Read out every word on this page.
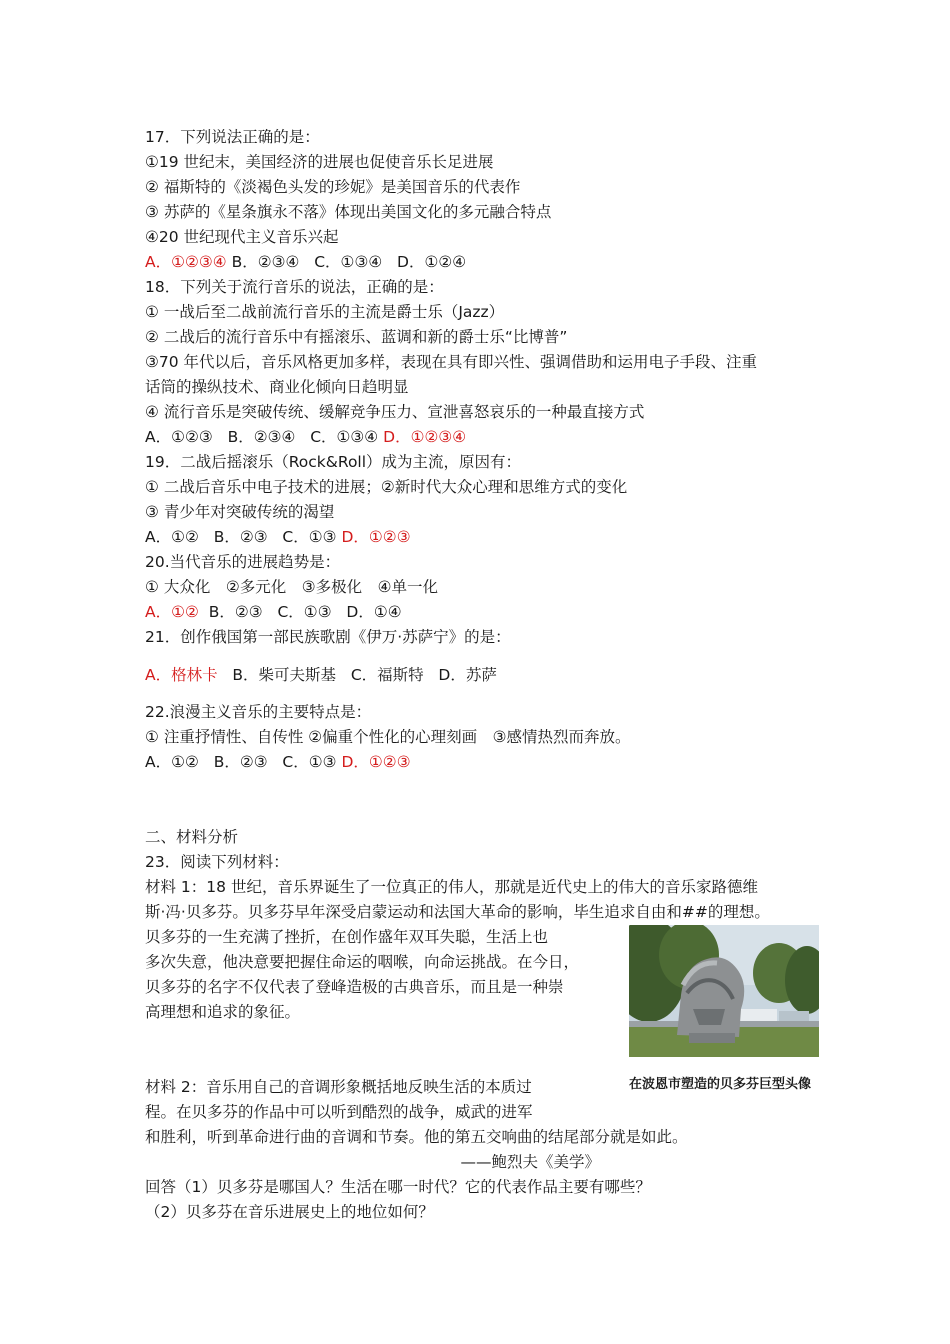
17．下列说法正确的是：
①19 世纪末，美国经济的进展也促使音乐长足进展
② 福斯特的《淡褐色头发的珍妮》是美国音乐的代表作
③ 苏萨的《星条旗永不落》体现出美国文化的多元融合特点
④20 世纪现代主义音乐兴起
A．①②③④ B．②③④ C．①③④ D．①②④
18．下列关于流行音乐的说法，正确的是：
① 一战后至二战前流行音乐的主流是爵士乐（Jazz）
② 二战后的流行音乐中有摇滚乐、蓝调和新的爵士乐“比博普”
③70 年代以后，音乐风格更加多样，表现在具有即兴性、强调借助和运用电子手段、注重
话筒的操纵技术、商业化倾向日趋明显
④ 流行音乐是突破传统、缓解竞争压力、宣泄喜怒哀乐的一种最直接方式
A．①②③ B．②③④ C．①③④ D．①②③④
19．二战后摇滚乐（Rock&Roll）成为主流，原因有：
① 二战后音乐中电子技术的进展；②新时代大众心理和思维方式的变化
③ 青少年对突破传统的渴望
A．①② B．②③ C．①③ D．①②③
20.当代音乐的进展趋势是：
① 大众化　②多元化　③多极化　④单一化
A．①② B．②③ C．①③ D．①④
21．创作俄国第一部民族歌剧《伊万·苏萨宁》的是：
A．格林卡 B．柴可夫斯基 C．福斯特 D．苏萨
22.浪漫主义音乐的主要特点是：
① 注重抒情性、自传性 ②偏重个性化的心理刻画　③感情热烈而奔放。
A．①② B．②③ C．①③ D．①②③
二、材料分析
23．阅读下列材料：
材料 1：18 世纪，音乐界诞生了一位真正的伟人，那就是近代史上的伟大的音乐家路德维
斯·冯·贝多芬。贝多芬早年深受启蒙运动和法国大革命的影响，毕生追求自由和##的理想。
贝多芬的一生充满了挫折，在创作盛年双耳失聪，生活上也
多次失意，他决意要把握住命运的咽喉，向命运挑战。在今日，
贝多芬的名字不仅代表了登峰造极的古典音乐，而且是一种崇
高理想和追求的象征。
在波恩市塑造的贝多芬巨型头像
材料 2：音乐用自己的音调形象概括地反映生活的本质过
程。在贝多芬的作品中可以听到酷烈的战争，威武的进军
和胜利，听到革命进行曲的音调和节奏。他的第五交响曲的结尾部分就是如此。
——鲍烈夫《美学》
回答（1）贝多芬是哪国人？生活在哪一时代？它的代表作品主要有哪些？
（2）贝多芬在音乐进展史上的地位如何？
